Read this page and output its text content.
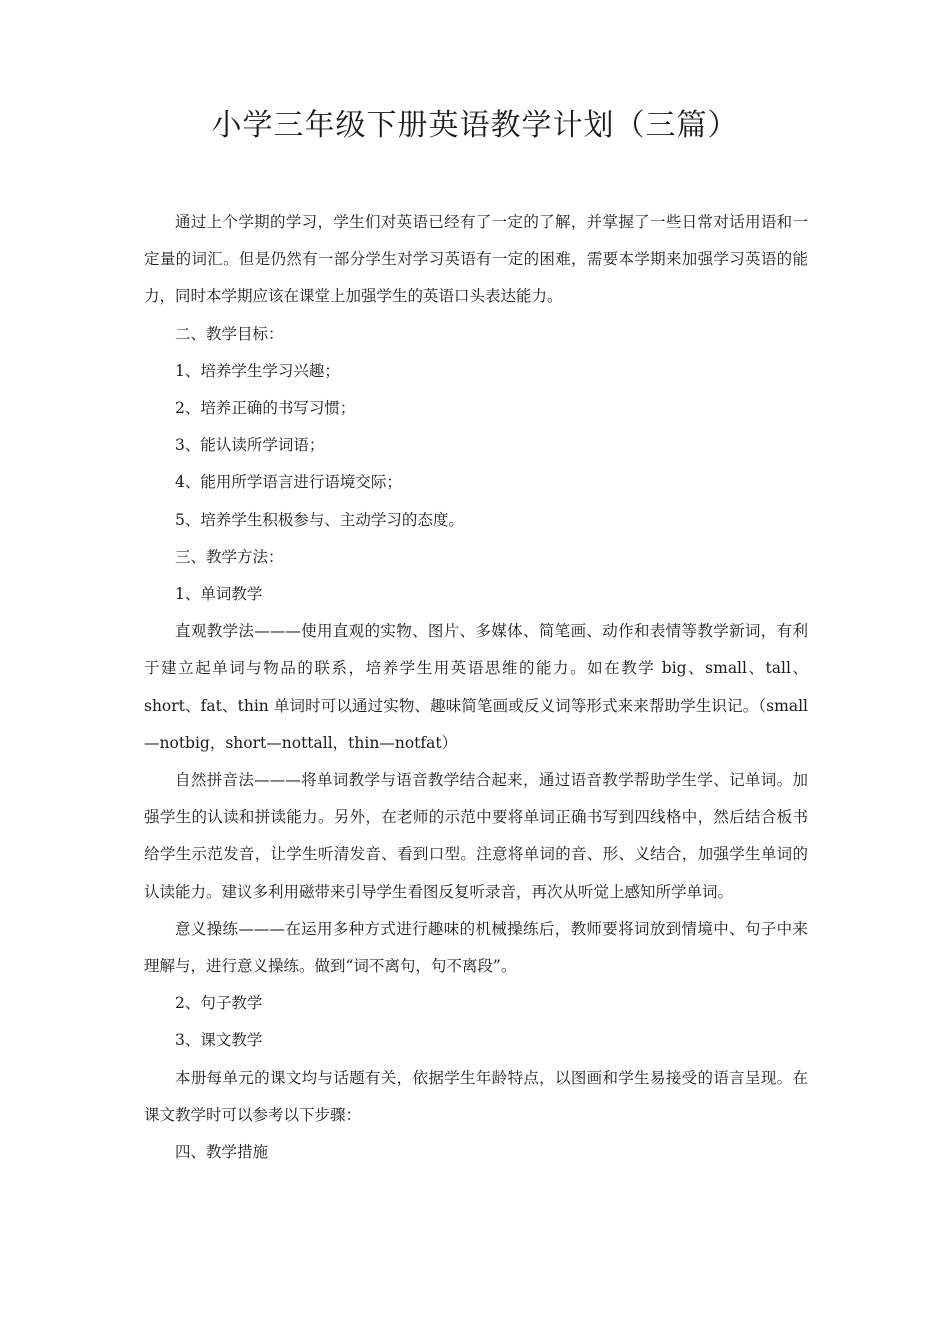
小学三年级下册英语教学计划（三篇）

通过上个学期的学习，学生们对英语已经有了一定的了解，并掌握了一些日常对话用语和一定量的词汇。但是仍然有一部分学生对学习英语有一定的困难，需要本学期来加强学习英语的能力，同时本学期应该在课堂上加强学生的英语口头表达能力。

二、教学目标：

1、培养学生学习兴趣；

2、培养正确的书写习惯；

3、能认读所学词语；

4、能用所学语言进行语境交际；

5、培养学生积极参与、主动学习的态度。

三、教学方法：

1、单词教学

直观教学法———使用直观的实物、图片、多媒体、简笔画、动作和表情等教学新词，有利于建立起单词与物品的联系，培养学生用英语思维的能力。如在教学 big、small、tall、short、fat、thin 单词时可以通过实物、趣味简笔画或反义词等形式来来帮助学生识记。（small—notbig，short—nottall，thin—notfat）

自然拼音法———将单词教学与语音教学结合起来，通过语音教学帮助学生学、记单词。加强学生的认读和拼读能力。另外，在老师的示范中要将单词正确书写到四线格中，然后结合板书给学生示范发音，让学生听清发音、看到口型。注意将单词的音、形、义结合，加强学生单词的认读能力。建议多利用磁带来引导学生看图反复听录音，再次从听觉上感知所学单词。

意义操练———在运用多种方式进行趣味的机械操练后，教师要将词放到情境中、句子中来理解与，进行意义操练。做到“词不离句，句不离段”。

2、句子教学

3、课文教学

本册每单元的课文均与话题有关，依据学生年龄特点，以图画和学生易接受的语言呈现。在课文教学时可以参考以下步骤：

四、教学措施
